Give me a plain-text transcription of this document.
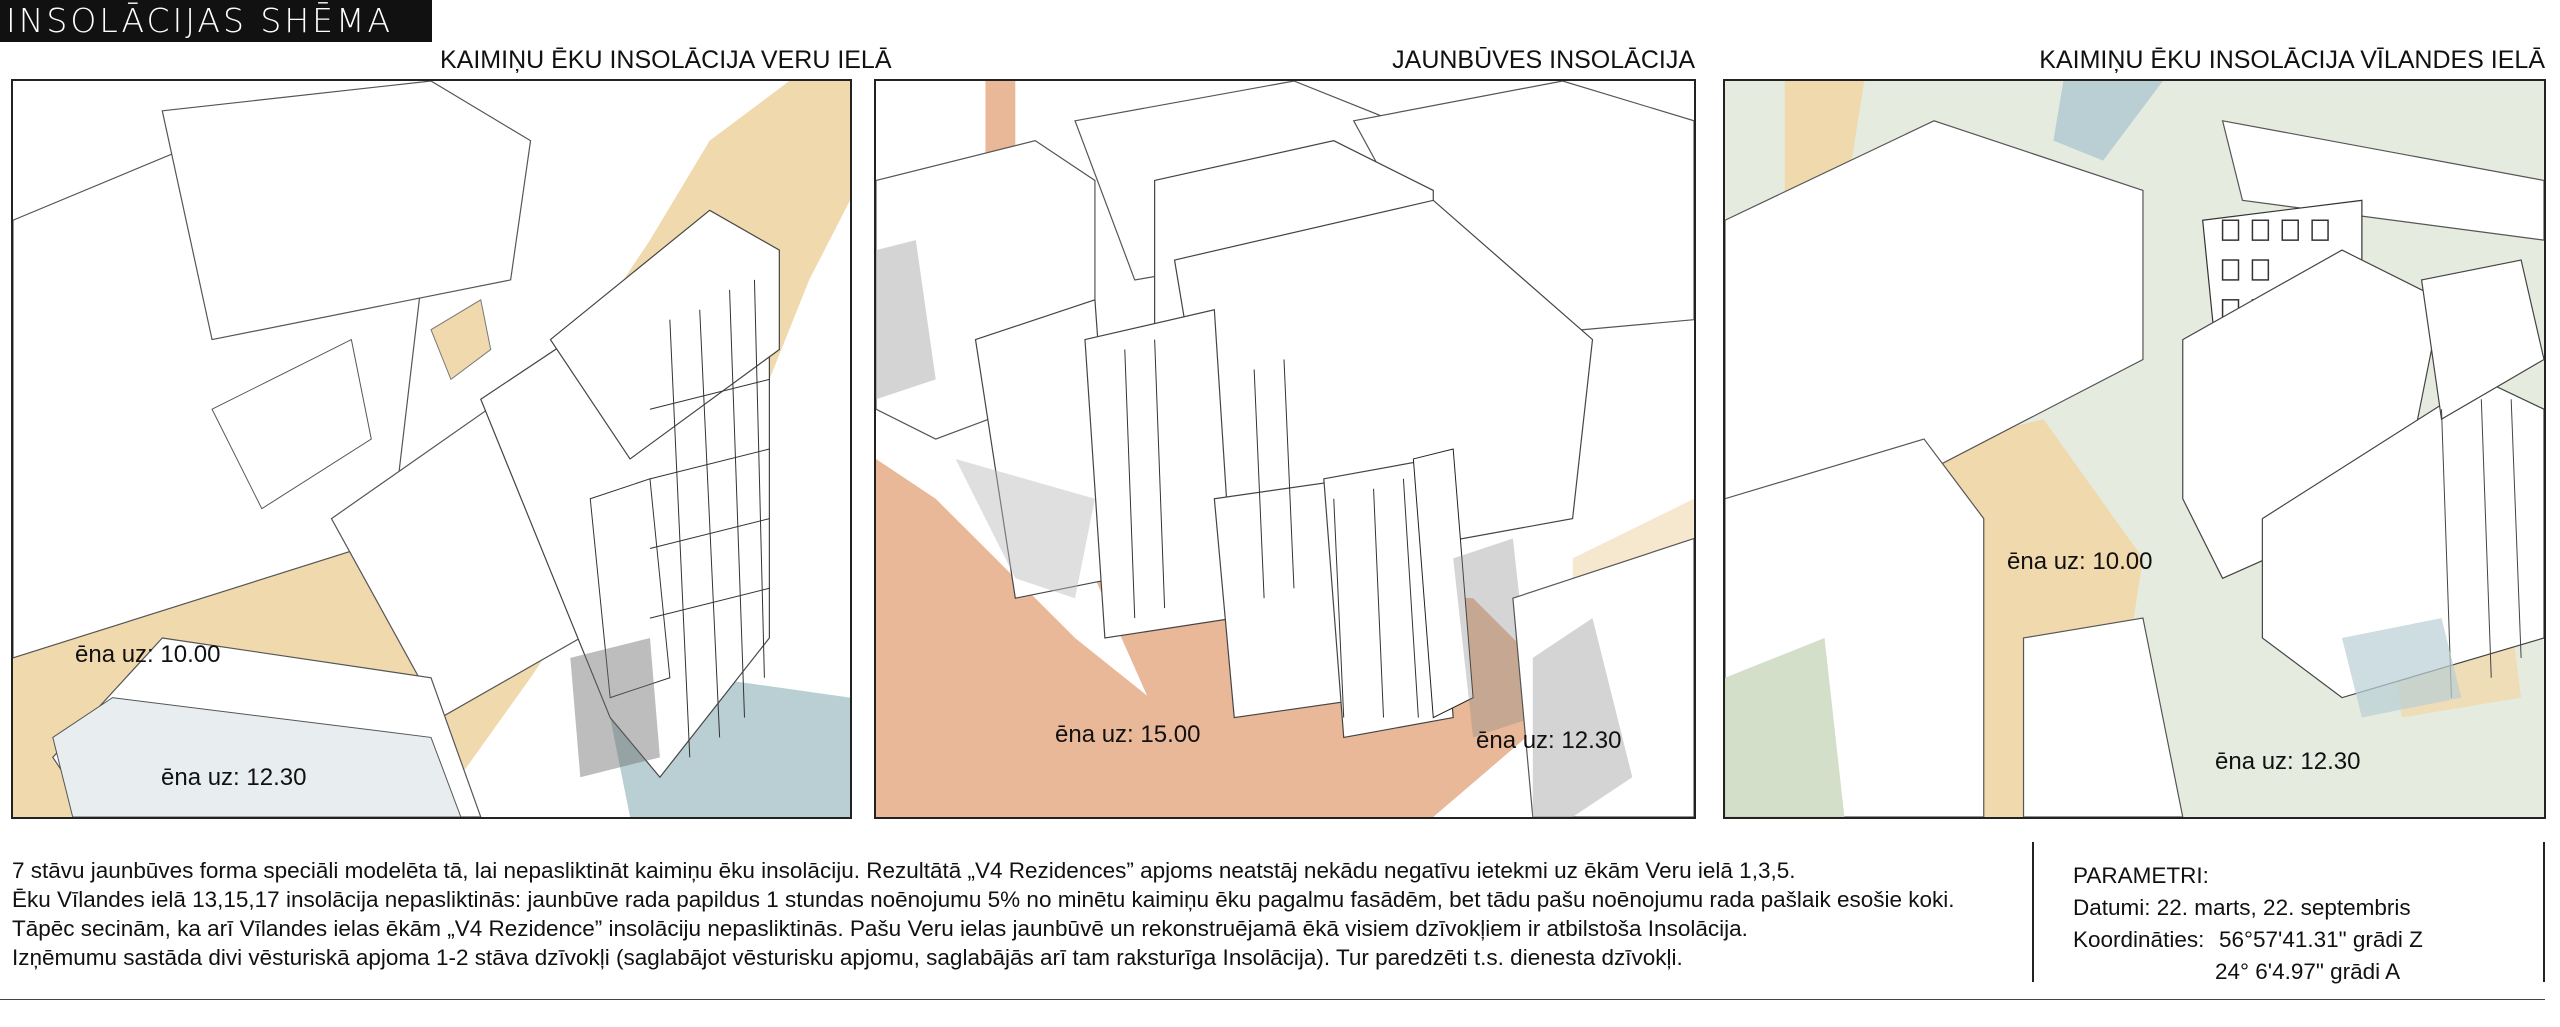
INSOLĀCIJAS SHĒMA
KAIMIŅU ĒKU INSOLĀCIJA VERU IELĀ
ēna uz: 10.00
ēna uz: 12.30
JAUNBŪVES INSOLĀCIJA
ēna uz: 15.00	ēna uz: 12.30
KAIMIŅU ĒKU INSOLĀCIJA VĪLANDES IELĀ
ēna uz: 10.00
ēna uz: 12.30

7 stāvu jaunbūves forma speciāli modelēta tā, lai nepasliktināt kaimiņu ēku insolāciju. Rezultātā „V4 Rezidences” apjoms neatstāj nekādu negatīvu ietekmi uz ēkām Veru ielā 1,3,5.

Ēku Vīlandes ielā 13,15,17 insolācija nepasliktinās: jaunbūve rada papildus 1 stundas noēnojumu 5% no minētu kaimiņu ēku pagalmu fasādēm, bet tādu pašu noēnojumu rada pašlaik esošie koki.

Tāpēc secinām, ka arī Vīlandes ielas ēkām „V4 Rezidence” insolāciju nepasliktinās. Pašu Veru ielas jaunbūvē un rekonstruējamā ēkā visiem dzīvokļiem ir atbilstoša Insolācija.

Izņēmumu sastāda divi vēsturiskā apjoma 1-2 stāva dzīvokļi (saglabājot vēsturisku apjomu, saglabājās arī tam raksturīga Insolācija). Tur paredzēti t.s. dienesta dzīvokļi.

PARAMETRI:
Datumi: 22. marts, 22. septembris
Koordināties: 56°57'41.31" grādi Z
24° 6'4.97" grādi A
